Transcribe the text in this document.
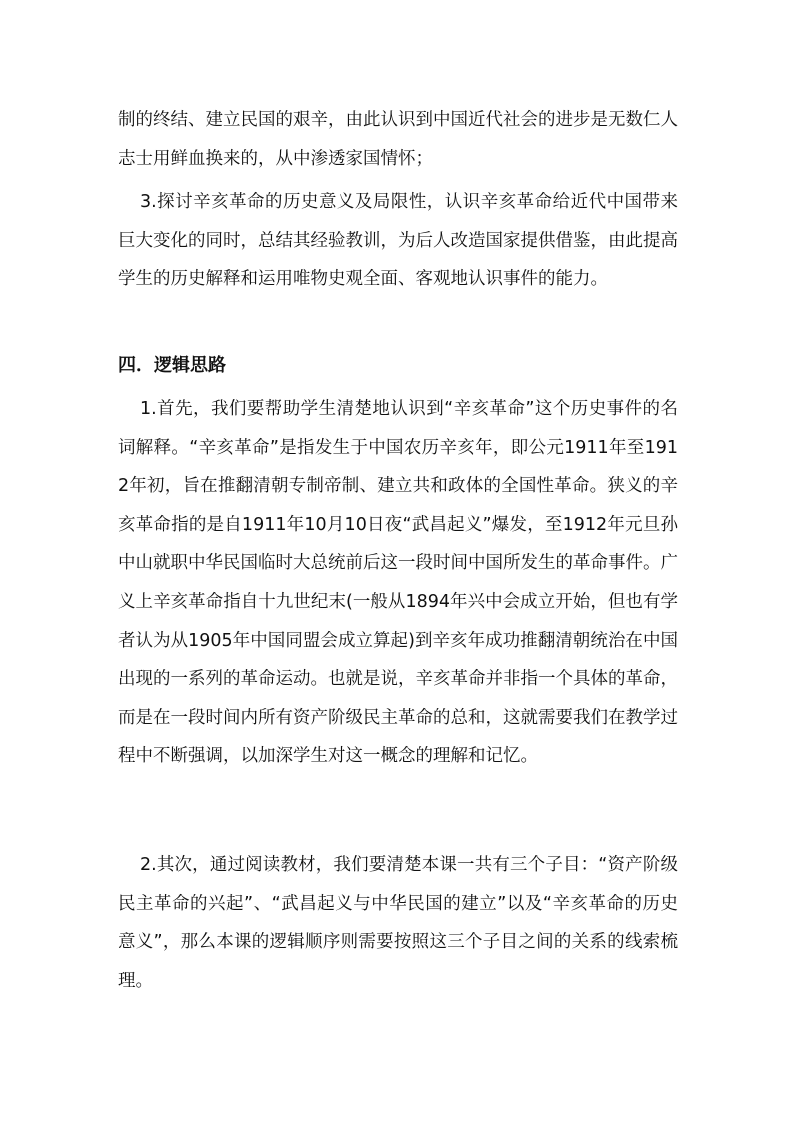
制的终结、建立民国的艰辛，由此认识到中国近代社会的进步是无数仁人志士用鲜血换来的，从中渗透家国情怀；

3.探讨辛亥革命的历史意义及局限性，认识辛亥革命给近代中国带来巨大变化的同时，总结其经验教训，为后人改造国家提供借鉴，由此提高学生的历史解释和运用唯物史观全面、客观地认识事件的能力。

四．逻辑思路

1.首先，我们要帮助学生清楚地认识到“辛亥革命”这个历史事件的名词解释。“辛亥革命”是指发生于中国农历辛亥年，即公元1911年至1912年初，旨在推翻清朝专制帝制、建立共和政体的全国性革命。狭义的辛亥革命指的是自1911年10月10日夜“武昌起义”爆发，至1912年元旦孙中山就职中华民国临时大总统前后这一段时间中国所发生的革命事件。广义上辛亥革命指自十九世纪末(一般从1894年兴中会成立开始，但也有学者认为从1905年中国同盟会成立算起)到辛亥年成功推翻清朝统治在中国出现的一系列的革命运动。也就是说，辛亥革命并非指一个具体的革命，而是在一段时间内所有资产阶级民主革命的总和，这就需要我们在教学过程中不断强调，以加深学生对这一概念的理解和记忆。

2.其次，通过阅读教材，我们要清楚本课一共有三个子目：“资产阶级民主革命的兴起”、“武昌起义与中华民国的建立”以及“辛亥革命的历史意义”，那么本课的逻辑顺序则需要按照这三个子目之间的关系的线索梳理。
